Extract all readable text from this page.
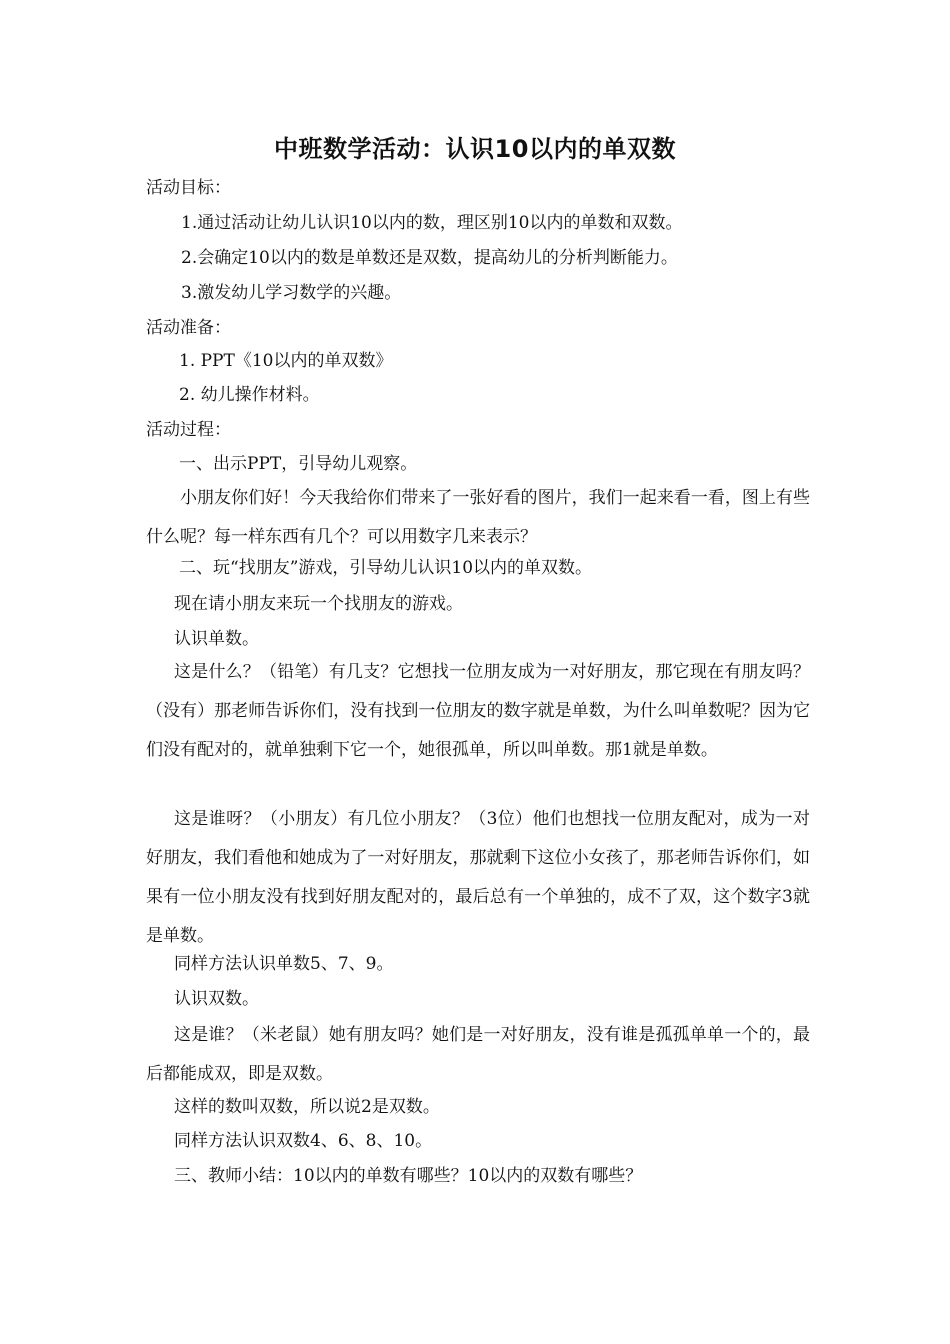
中班数学活动：认识10以内的单双数
活动目标：
1.通过活动让幼儿认识10以内的数，理区别10以内的单数和双数。
2.会确定10以内的数是单数还是双数，提高幼儿的分析判断能力。
3.激发幼儿学习数学的兴趣。
活动准备：
1. PPT《10以内的单双数》
2. 幼儿操作材料。
活动过程：
一、出示PPT，引导幼儿观察。
小朋友你们好！今天我给你们带来了一张好看的图片，我们一起来看一看，图上有些什么呢？每一样东西有几个？可以用数字几来表示？
二、玩“找朋友”游戏，引导幼儿认识10以内的单双数。
现在请小朋友来玩一个找朋友的游戏。
认识单数。
这是什么？（铅笔）有几支？它想找一位朋友成为一对好朋友，那它现在有朋友吗？（没有）那老师告诉你们，没有找到一位朋友的数字就是单数，为什么叫单数呢？因为它们没有配对的，就单独剩下它一个，她很孤单，所以叫单数。那1就是单数。
这是谁呀？（小朋友）有几位小朋友？（3位）他们也想找一位朋友配对，成为一对好朋友，我们看他和她成为了一对好朋友，那就剩下这位小女孩了，那老师告诉你们，如果有一位小朋友没有找到好朋友配对的，最后总有一个单独的，成不了双，这个数字3就是单数。
同样方法认识单数5、7、9。
认识双数。
这是谁？（米老鼠）她有朋友吗？她们是一对好朋友，没有谁是孤孤单单一个的，最后都能成双，即是双数。
这样的数叫双数，所以说2是双数。
同样方法认识双数4、6、8、10。
三、教师小结：10以内的单数有哪些？10以内的双数有哪些？
